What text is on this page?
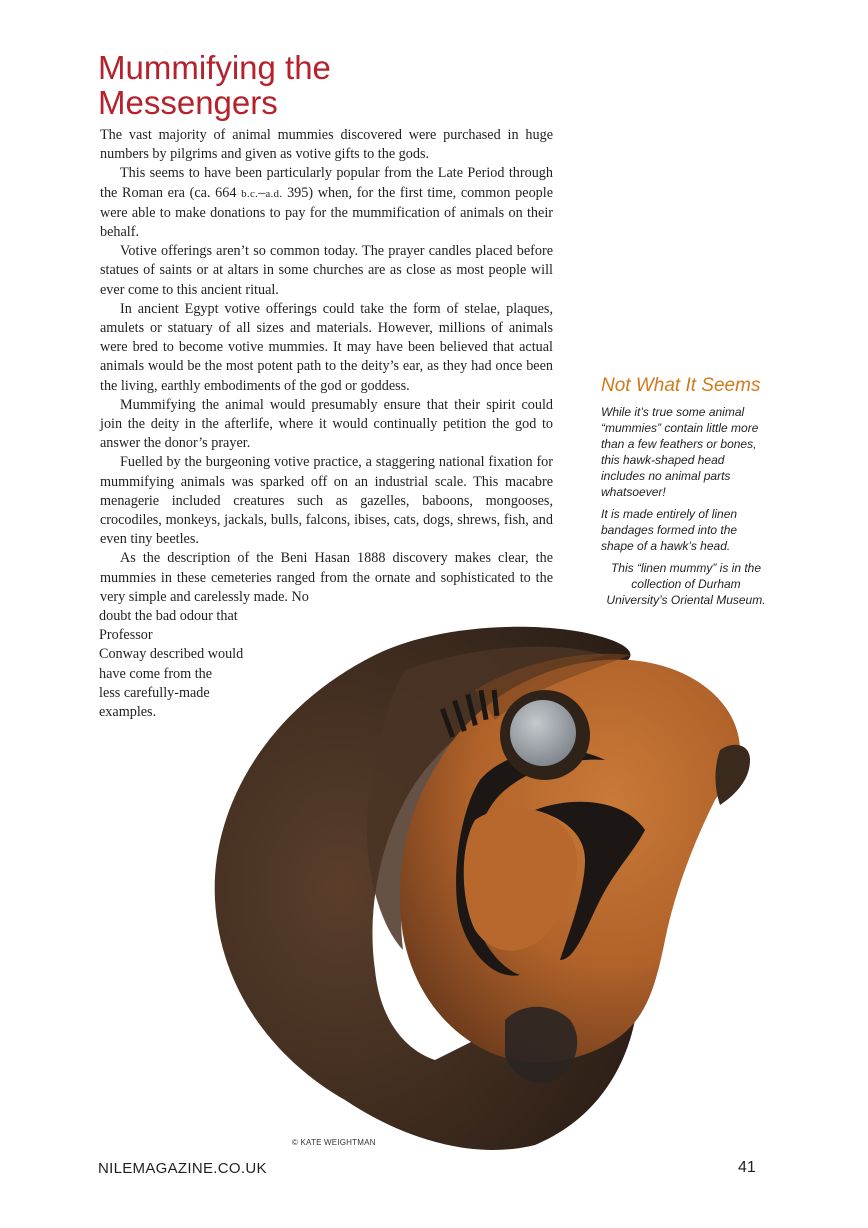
Mummifying the
Messengers

The vast majority of animal mummies discovered were purchased in huge numbers by pilgrims and given as votive gifts to the gods.

This seems to have been particularly popular from the Late Period through the Roman era (ca. 664 b.c.–a.d. 395) when, for the first time, common people were able to make donations to pay for the mummification of animals on their behalf.

Votive offerings aren’t so common today. The prayer candles placed before statues of saints or at altars in some churches are as close as most people will ever come to this ancient ritual.

In ancient Egypt votive offerings could take the form of stelae, plaques, amulets or statuary of all sizes and materials. However, millions of animals were bred to become votive mummies. It may have been believed that actual animals would be the most potent path to the deity’s ear, as they had once been the living, earthly embodiments of the god or goddess.

Mummifying the animal would presumably ensure that their spirit could join the deity in the afterlife, where it would continually petition the god to answer the donor’s prayer.

Fuelled by the burgeoning votive practice, a staggering national fixation for mummifying animals was sparked off on an industrial scale. This macabre menagerie included creatures such as gazelles, baboons, mongooses, crocodiles, monkeys, jackals, bulls, falcons, ibises, cats, dogs, shrews, fish, and even tiny beetles.

As the description of the Beni Hasan 1888 discovery makes clear, the mummies in these cemeteries ranged from the ornate and sophisticated to the very simple and carelessly made. No

doubt the bad odour that Professor
Conway described would
have come from the
less carefully-made
examples.
Not What It Seems

While it’s true some animal “mummies” contain little more than a few feathers or bones, this hawk-shaped head includes no animal parts whatsoever!

It is made entirely of linen bandages formed into the shape of a hawk’s head.

This “linen mummy” is in the collection of Durham University’s Oriental Museum.

© KATE WEIGHTMAN
NILEMAGAZINE.CO.UK	41
